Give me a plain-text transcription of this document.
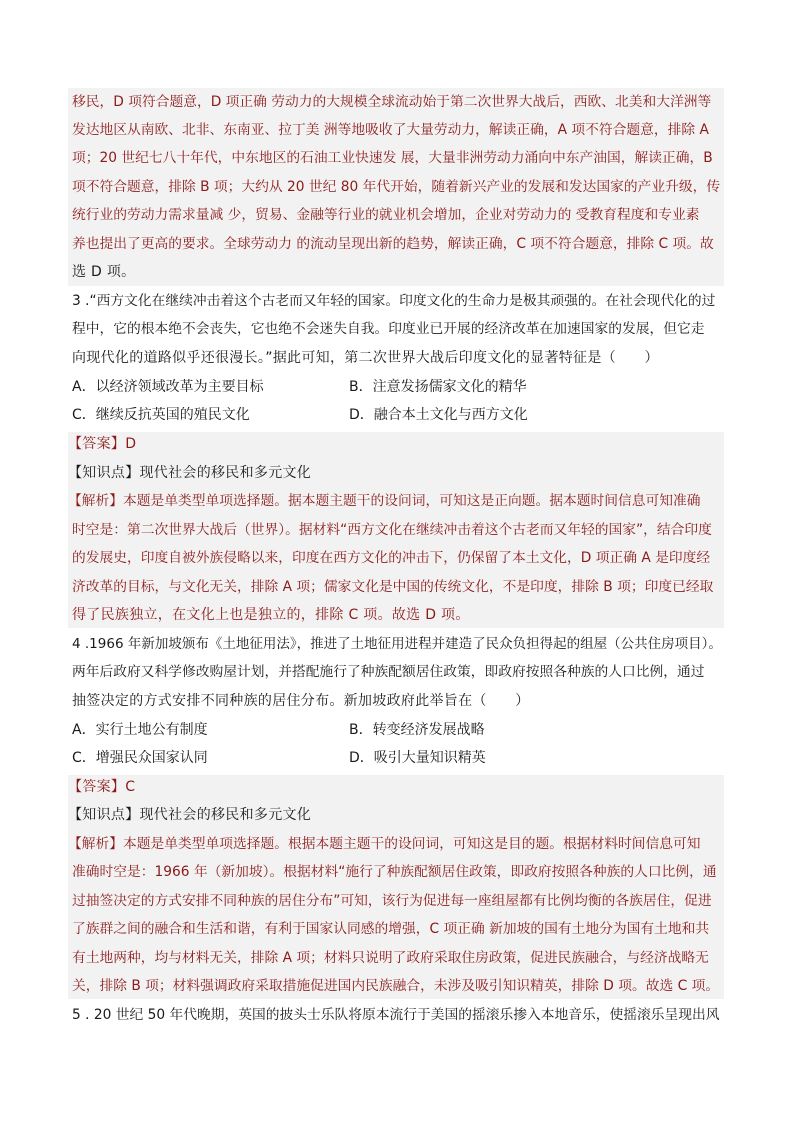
移民，D 项符合题意，D 项正确 劳动力的大规模全球流动始于第二次世界大战后，西欧、北美和大洋洲等
发达地区从南欧、北非、东南亚、拉丁美 洲等地吸收了大量劳动力，解读正确，A 项不符合题意，排除 A
项；20 世纪七八十年代，中东地区的石油工业快速发 展，大量非洲劳动力涌向中东产油国，解读正确，B
项不符合题意，排除 B 项；大约从 20 世纪 80 年代开始，随着新兴产业的发展和发达国家的产业升级，传
统行业的劳动力需求量减 少，贸易、金融等行业的就业机会增加，企业对劳动力的 受教育程度和专业素
养也提出了更高的要求。全球劳动力 的流动呈现出新的趋势，解读正确，C 项不符合题意，排除 C 项。故
选 D 项。
3 .“西方文化在继续冲击着这个古老而又年轻的国家。印度文化的生命力是极其顽强的。在社会现代化的过
程中，它的根本绝不会丧失，它也绝不会迷失自我。印度业已开展的经济改革在加速国家的发展，但它走
向现代化的道路似乎还很漫长。”据此可知，第二次世界大战后印度文化的显著特征是（　　）
A．以经济领域改革为主要目标	B．注意发扬儒家文化的精华
C．继续反抗英国的殖民文化	D．融合本土文化与西方文化
【答案】D
【知识点】现代社会的移民和多元文化
【解析】本题是单类型单项选择题。据本题主题干的设问词，可知这是正向题。据本题时间信息可知准确
时空是：第二次世界大战后（世界）。据材料“西方文化在继续冲击着这个古老而又年轻的国家”，结合印度
的发展史，印度自被外族侵略以来，印度在西方文化的冲击下，仍保留了本土文化，D 项正确 A 是印度经
济改革的目标，与文化无关，排除 A 项；儒家文化是中国的传统文化，不是印度，排除 B 项；印度已经取
得了民族独立，在文化上也是独立的，排除 C 项。故选 D 项。
4 .1966 年新加坡颁布《土地征用法》，推进了土地征用进程并建造了民众负担得起的组屋（公共住房项目）。
两年后政府又科学修改购屋计划，并搭配施行了种族配额居住政策，即政府按照各种族的人口比例，通过
抽签决定的方式安排不同种族的居住分布。新加坡政府此举旨在（　　）
A．实行土地公有制度	B．转变经济发展战略
C．增强民众国家认同	D．吸引大量知识精英
【答案】C
【知识点】现代社会的移民和多元文化
【解析】本题是单类型单项选择题。根据本题主题干的设问词，可知这是目的题。根据材料时间信息可知
准确时空是：1966 年（新加坡）。根据材料“施行了种族配额居住政策，即政府按照各种族的人口比例，通
过抽签决定的方式安排不同种族的居住分布”可知，该行为促进每一座组屋都有比例均衡的各族居住，促进
了族群之间的融合和生活和谐，有利于国家认同感的增强，C 项正确 新加坡的国有土地分为国有土地和共
有土地两种，均与材料无关，排除 A 项；材料只说明了政府采取住房政策，促进民族融合，与经济战略无
关，排除 B 项；材料强调政府采取措施促进国内民族融合，未涉及吸引知识精英，排除 D 项。故选 C 项。
5 . 20 世纪 50 年代晚期，英国的披头士乐队将原本流行于美国的摇滚乐掺入本地音乐，使摇滚乐呈现出风
